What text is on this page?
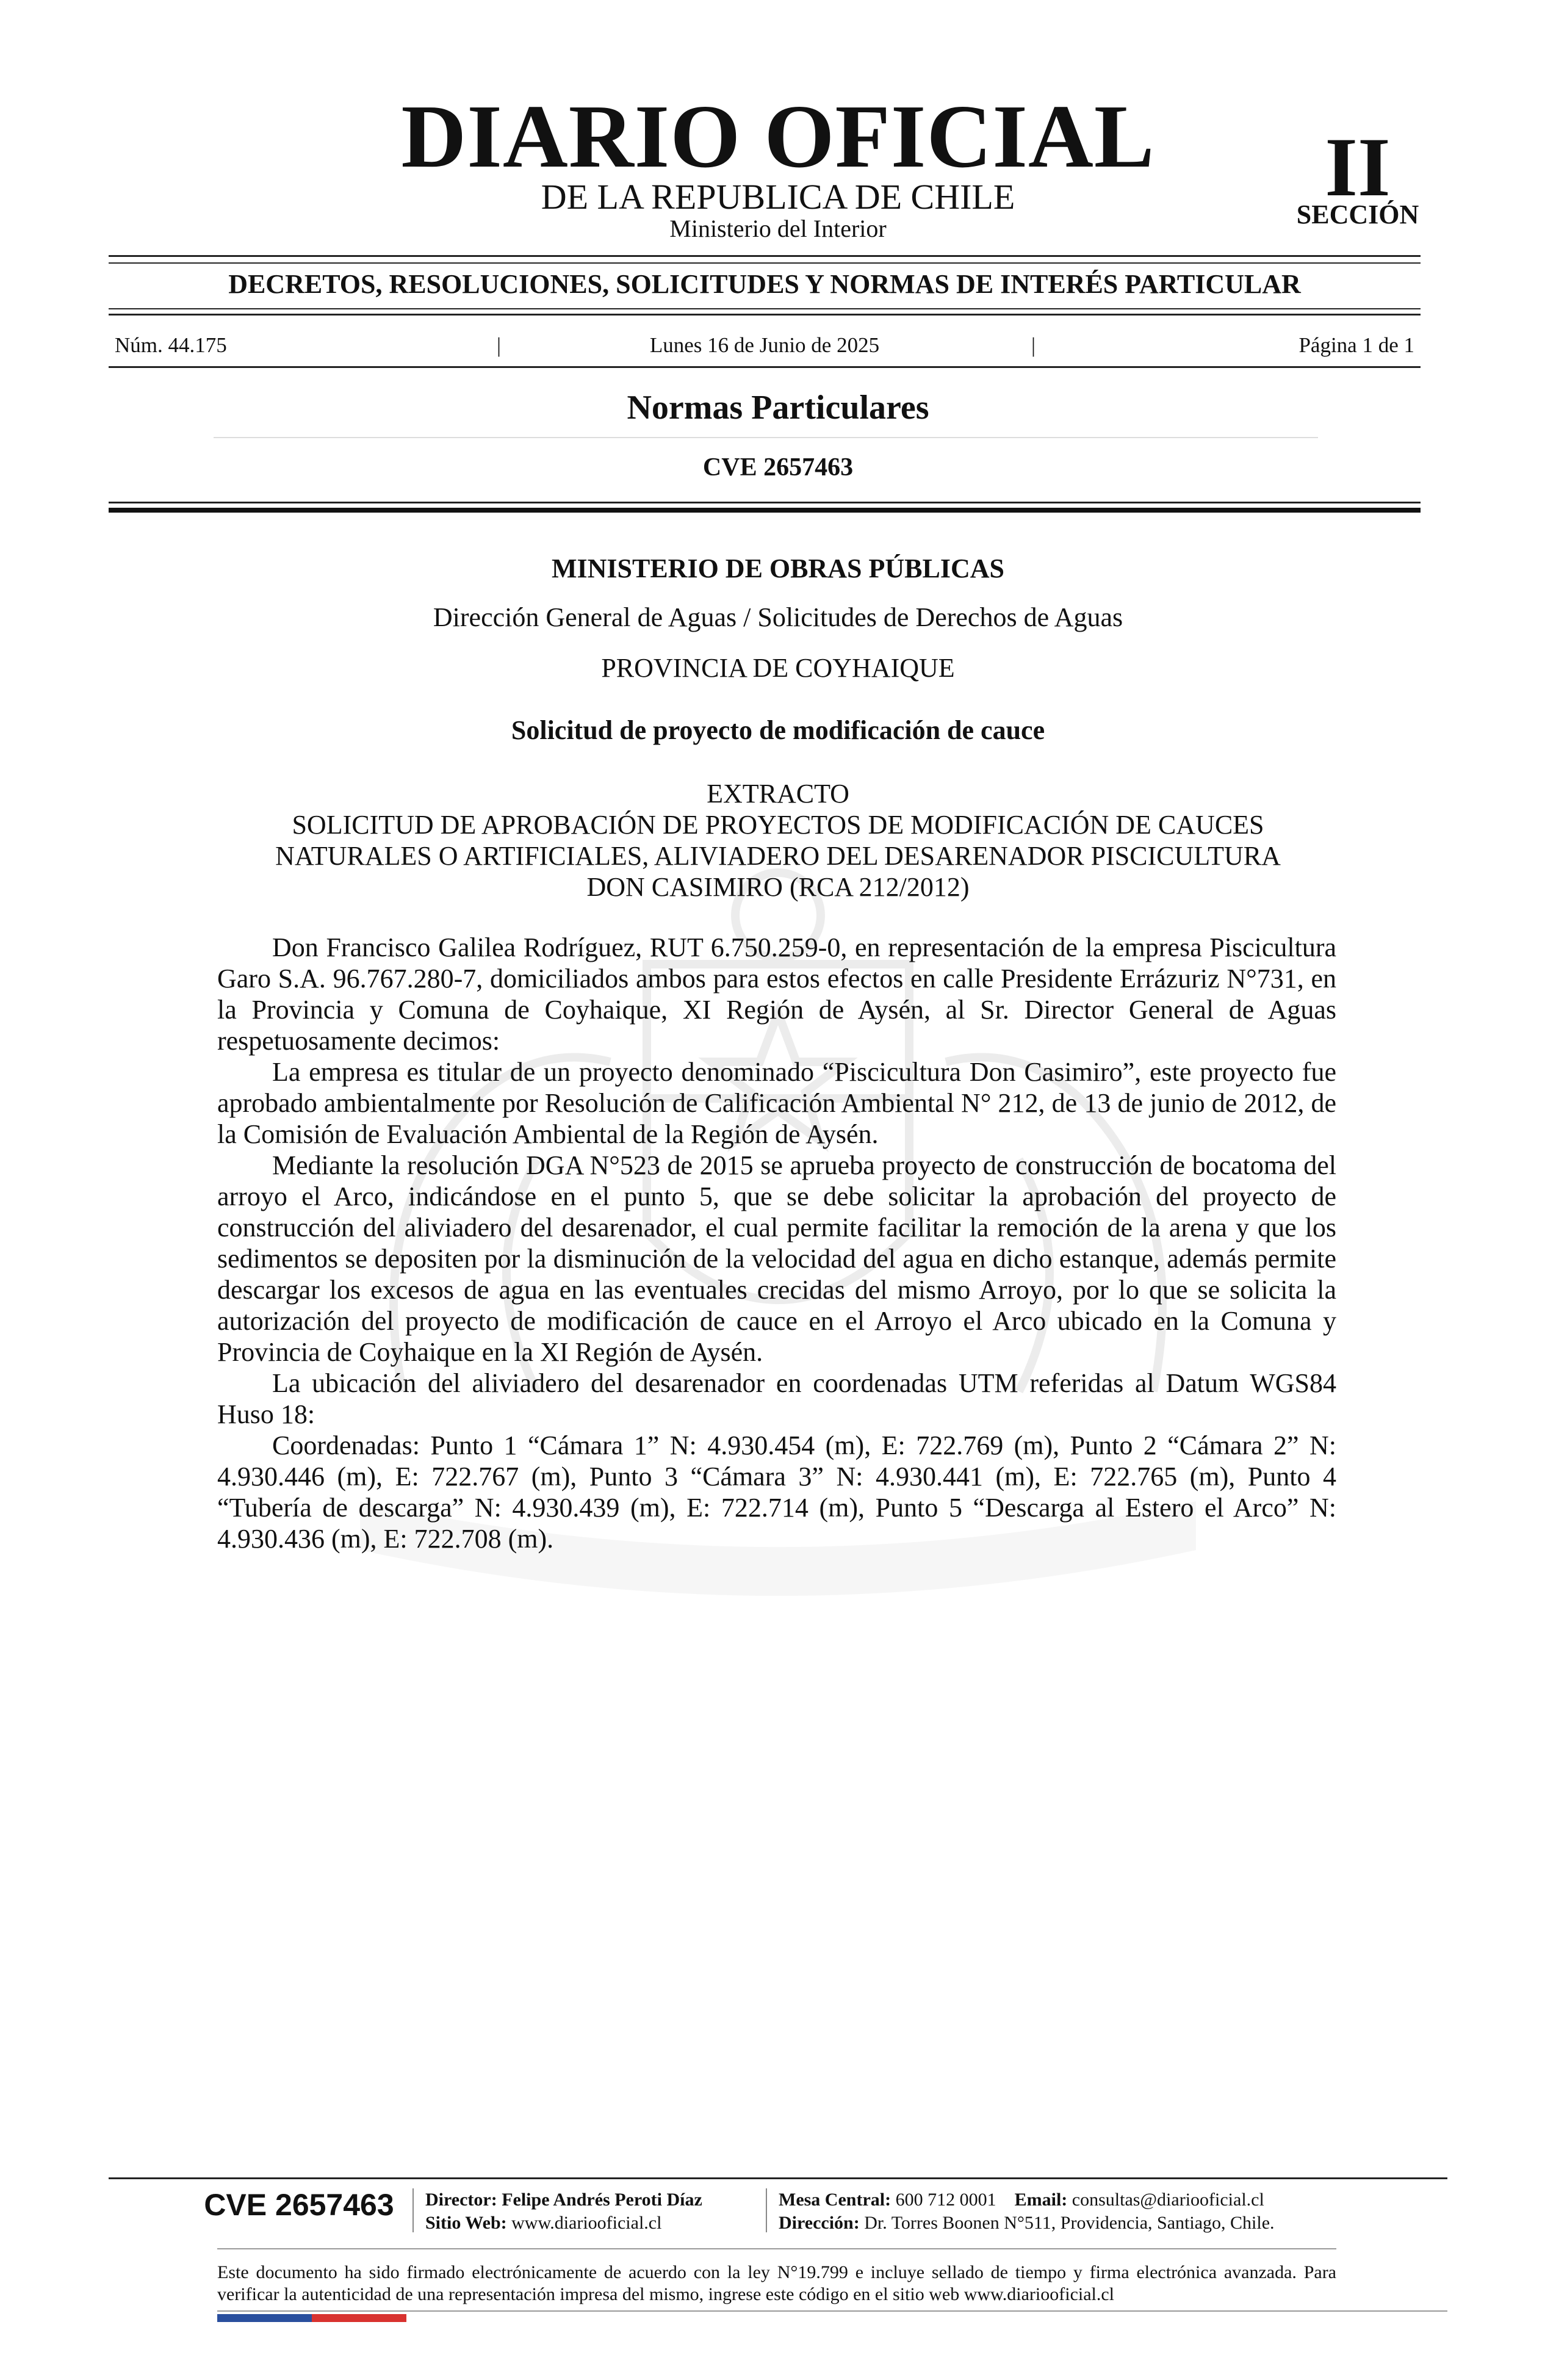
DIARIO OFICIAL
DE LA REPUBLICA DE CHILE
Ministerio del Interior
II
SECCIÓN
DECRETOS, RESOLUCIONES, SOLICITUDES Y NORMAS DE INTERÉS PARTICULAR
Núm. 44.175	|	Lunes 16 de Junio de 2025	|	Página 1 de 1
Normas Particulares
CVE 2657463
MINISTERIO DE OBRAS PÚBLICAS
Dirección General de Aguas / Solicitudes de Derechos de Aguas
PROVINCIA DE COYHAIQUE
Solicitud de proyecto de modificación de cauce
EXTRACTO
SOLICITUD DE APROBACIÓN DE PROYECTOS DE MODIFICACIÓN DE CAUCES
NATURALES O ARTIFICIALES, ALIVIADERO DEL DESARENADOR PISCICULTURA
DON CASIMIRO (RCA 212/2012)

Don Francisco Galilea Rodríguez, RUT 6.750.259-0, en representación de la empresa Piscicultura Garo S.A. 96.767.280-7, domiciliados ambos para estos efectos en calle Presidente Errázuriz N°731, en la Provincia y Comuna de Coyhaique, XI Región de Aysén, al Sr. Director General de Aguas respetuosamente decimos:

La empresa es titular de un proyecto denominado “Piscicultura Don Casimiro”, este proyecto fue aprobado ambientalmente por Resolución de Calificación Ambiental N° 212, de 13 de junio de 2012, de la Comisión de Evaluación Ambiental de la Región de Aysén.

Mediante la resolución DGA N°523 de 2015 se aprueba proyecto de construcción de bocatoma del arroyo el Arco, indicándose en el punto 5, que se debe solicitar la aprobación del proyecto de construcción del aliviadero del desarenador, el cual permite facilitar la remoción de la arena y que los sedimentos se depositen por la disminución de la velocidad del agua en dicho estanque, además permite descargar los excesos de agua en las eventuales crecidas del mismo Arroyo, por lo que se solicita la autorización del proyecto de modificación de cauce en el Arroyo el Arco ubicado en la Comuna y Provincia de Coyhaique en la XI Región de Aysén.

La ubicación del aliviadero del desarenador en coordenadas UTM referidas al Datum WGS84 Huso 18:

Coordenadas: Punto 1 “Cámara 1” N: 4.930.454 (m), E: 722.769 (m), Punto 2 “Cámara 2” N: 4.930.446 (m), E: 722.767 (m), Punto 3 “Cámara 3” N: 4.930.441 (m), E: 722.765 (m), Punto 4 “Tubería de descarga” N: 4.930.439 (m), E: 722.714 (m), Punto 5 “Descarga al Estero el Arco” N: 4.930.436 (m), E: 722.708 (m).

CVE 2657463	Director: Felipe Andrés Peroti Díaz
Sitio Web: www.diariooficial.cl
Mesa Central: 600 712 0001 Email: consultas@diariooficial.cl
Dirección: Dr. Torres Boonen N°511, Providencia, Santiago, Chile.
Este documento ha sido firmado electrónicamente de acuerdo con la ley N°19.799 e incluye sellado de tiempo y firma electrónica avanzada. Para verificar la autenticidad de una representación impresa del mismo, ingrese este código en el sitio web www.diariooficial.cl
